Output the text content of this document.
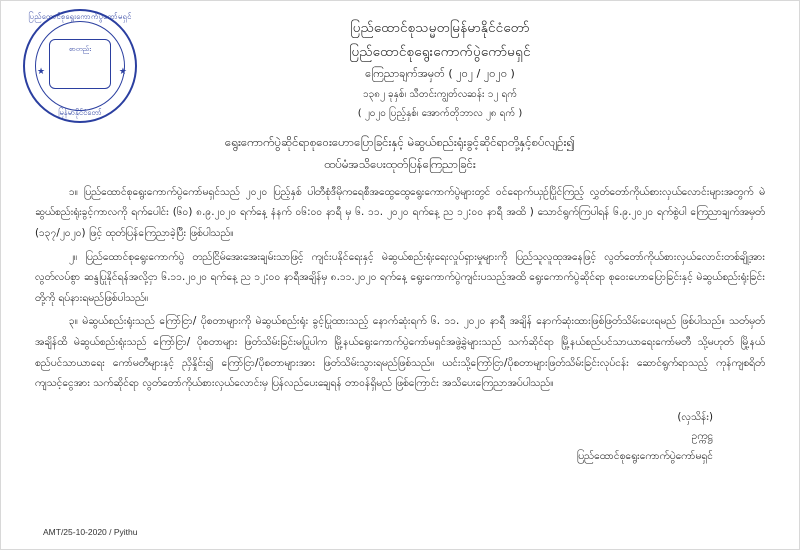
ပြည်ထောင်စုရွေးကောက်ပွဲကော်မရှင်
စာတည်း
မြန်မာနိုင်ငံတော်
★	★
ပြည်ထောင်စုသမ္မတမြန်မာနိုင်ငံတော်
ပြည်ထောင်စုရွေးကောက်ပွဲကော်မရှင်
ကြေညာချက်အမှတ် ( ၂၀၂ / ၂၀၂၀ )
၁၃၈၂ ခုနှစ်၊ သီတင်းကျွတ်လဆန်း ၁၂ ရက်
( ၂၀၂၀ ပြည့်နှစ်၊ အောက်တိုဘာလ ၂၈ ရက် )
ရွေးကောက်ပွဲဆိုင်ရာစုဝေးဟောပြောခြင်းနှင့် မဲဆွယ်စည်းရုံးခွင့်ဆိုင်ရာတို့နှင့်စပ်လျဉ်း၍
ထပ်မံအသိပေးထုတ်ပြန်ကြေညာခြင်း

၁။ ပြည်ထောင်စုရွေးကောက်ပွဲကော်မရှင်သည် ၂၀၂၀ ပြည့်နှစ် ပါတီစုံဒီမိုကရေစီအထွေထွေရွေးကောက်ပွဲများတွင် ဝင်ရောက်ယှဉ်ပြိုင်ကြည့် လွှတ်တော်ကိုယ်စားလှယ်လောင်းများအတွက် မဲဆွယ်စည်းရုံးခွင့်ကာလကို ရက်ပေါင်း (၆၀) ၈.၉.၂၀၂၀ ရက်နေ့ နံနက် ၀၆:၀၀ နာရီ မှ ၆. ၁၁. ၂၀၂၀ ရက်နေ့ ည ၁၂:၀၀ နာရီ အထိ ) သောင်ရွက်ကြပါရန် ၆.၉.၂၀၂၀ ရက်စွဲပါ ကြေညာချက်အမှတ် (၁၃၇/၂၀၂၀) ဖြင့် ထုတ်ပြန်ကြေညာခဲ့ပြီး ဖြစ်ပါသည်။

၂။ ပြည်ထောင်စုရွေးကောက်ပွဲ တည်ငြိမ်အေးအေးချမ်းသာဖြင့် ကျင်းပနိုင်ရေးနှင့် မဲဆွယ်စည်းရုံးရေးလှုပ်ရှားမှုများကို ပြည်သူလူထုအနေဖြင့် လွတ်တော်ကိုယ်စားလှယ်လောင်းတစ်ချို့အား လွတ်လပ်စွာ ဆန္ဒပြုနိုင်ရန်အလို့ငှာ ၆.၁၁.၂၀၂၀ ရက်နေ့ ည ၁၂:၀၀ နာရီအချိန်မှ ၈.၁၁.၂၀၂၀ ရက်နေ့ ရွေးကောက်ပွဲကျင်းပသည့်အထိ ရွေးကောက်ပွဲဆိုင်ရာ စုဝေးဟောပြောခြင်းနှင့် မဲဆွယ်စည်းရုံးခြင်းတို့ကို ရပ်နားရမည်ဖြစ်ပါသည်။

၃။ မဲဆွယ်စည်းရုံးသည် ကြော်ငြာ/ ပိုစတာများကို မဲဆွယ်စည်းရုံး ခွင့်ပြုထားသည့် နောက်ဆုံးရက် ၆. ၁၁. ၂၀၂၀ နာရီ အချိန် နောက်ဆုံးထားဖြစ်ဖြတ်သိမ်းပေးရမည် ဖြစ်ပါသည်။ သတ်မှတ်အချိန်ထိ မဲဆွယ်စည်းရုံးသည် ကြော်ငြာ/ ပိုစတာများ ဖြတ်သိမ်းခြင်းမပြုပါက မြို့နယ်ရွေးကောက်ပွဲကော်မရှင်အဖွဲ့ခွဲများသည် သက်ဆိုင်ရာ မြို့နယ်စည်ပင်သာယာရေးကော်မတီ သို့မဟုတ် မြို့နယ်စည်ပင်သာယာရေး ကော်မတီများနှင့် ညှိနှိုင်း၍ ကြော်ငြာ/ပိုစတာများအား ဖြတ်သိမ်းသွားရမည်ဖြစ်သည်။ ယင်းသို့ကြော်ငြာ/ပိုစတာများဖြတ်သိမ်းခြင်းလုပ်ငန်း ဆောင်ရွက်ရာသည့် ကုန်ကျစရိတ် ကျသင့်ငွေအား သက်ဆိုင်ရာ လွတ်တော်ကိုယ်စားလှယ်လောင်းမှ ပြန်လည်ပေးချေရန် တာဝန်ရှိမည် ဖြစ်ကြောင်း အသိပေးကြေညာအပ်ပါသည်။

(လှသိန်း)
ဥက္ကဋ္ဌ
ပြည်ထောင်စုရွေးကောက်ပွဲကော်မရှင်
AMT/25-10-2020 / Pyithu
